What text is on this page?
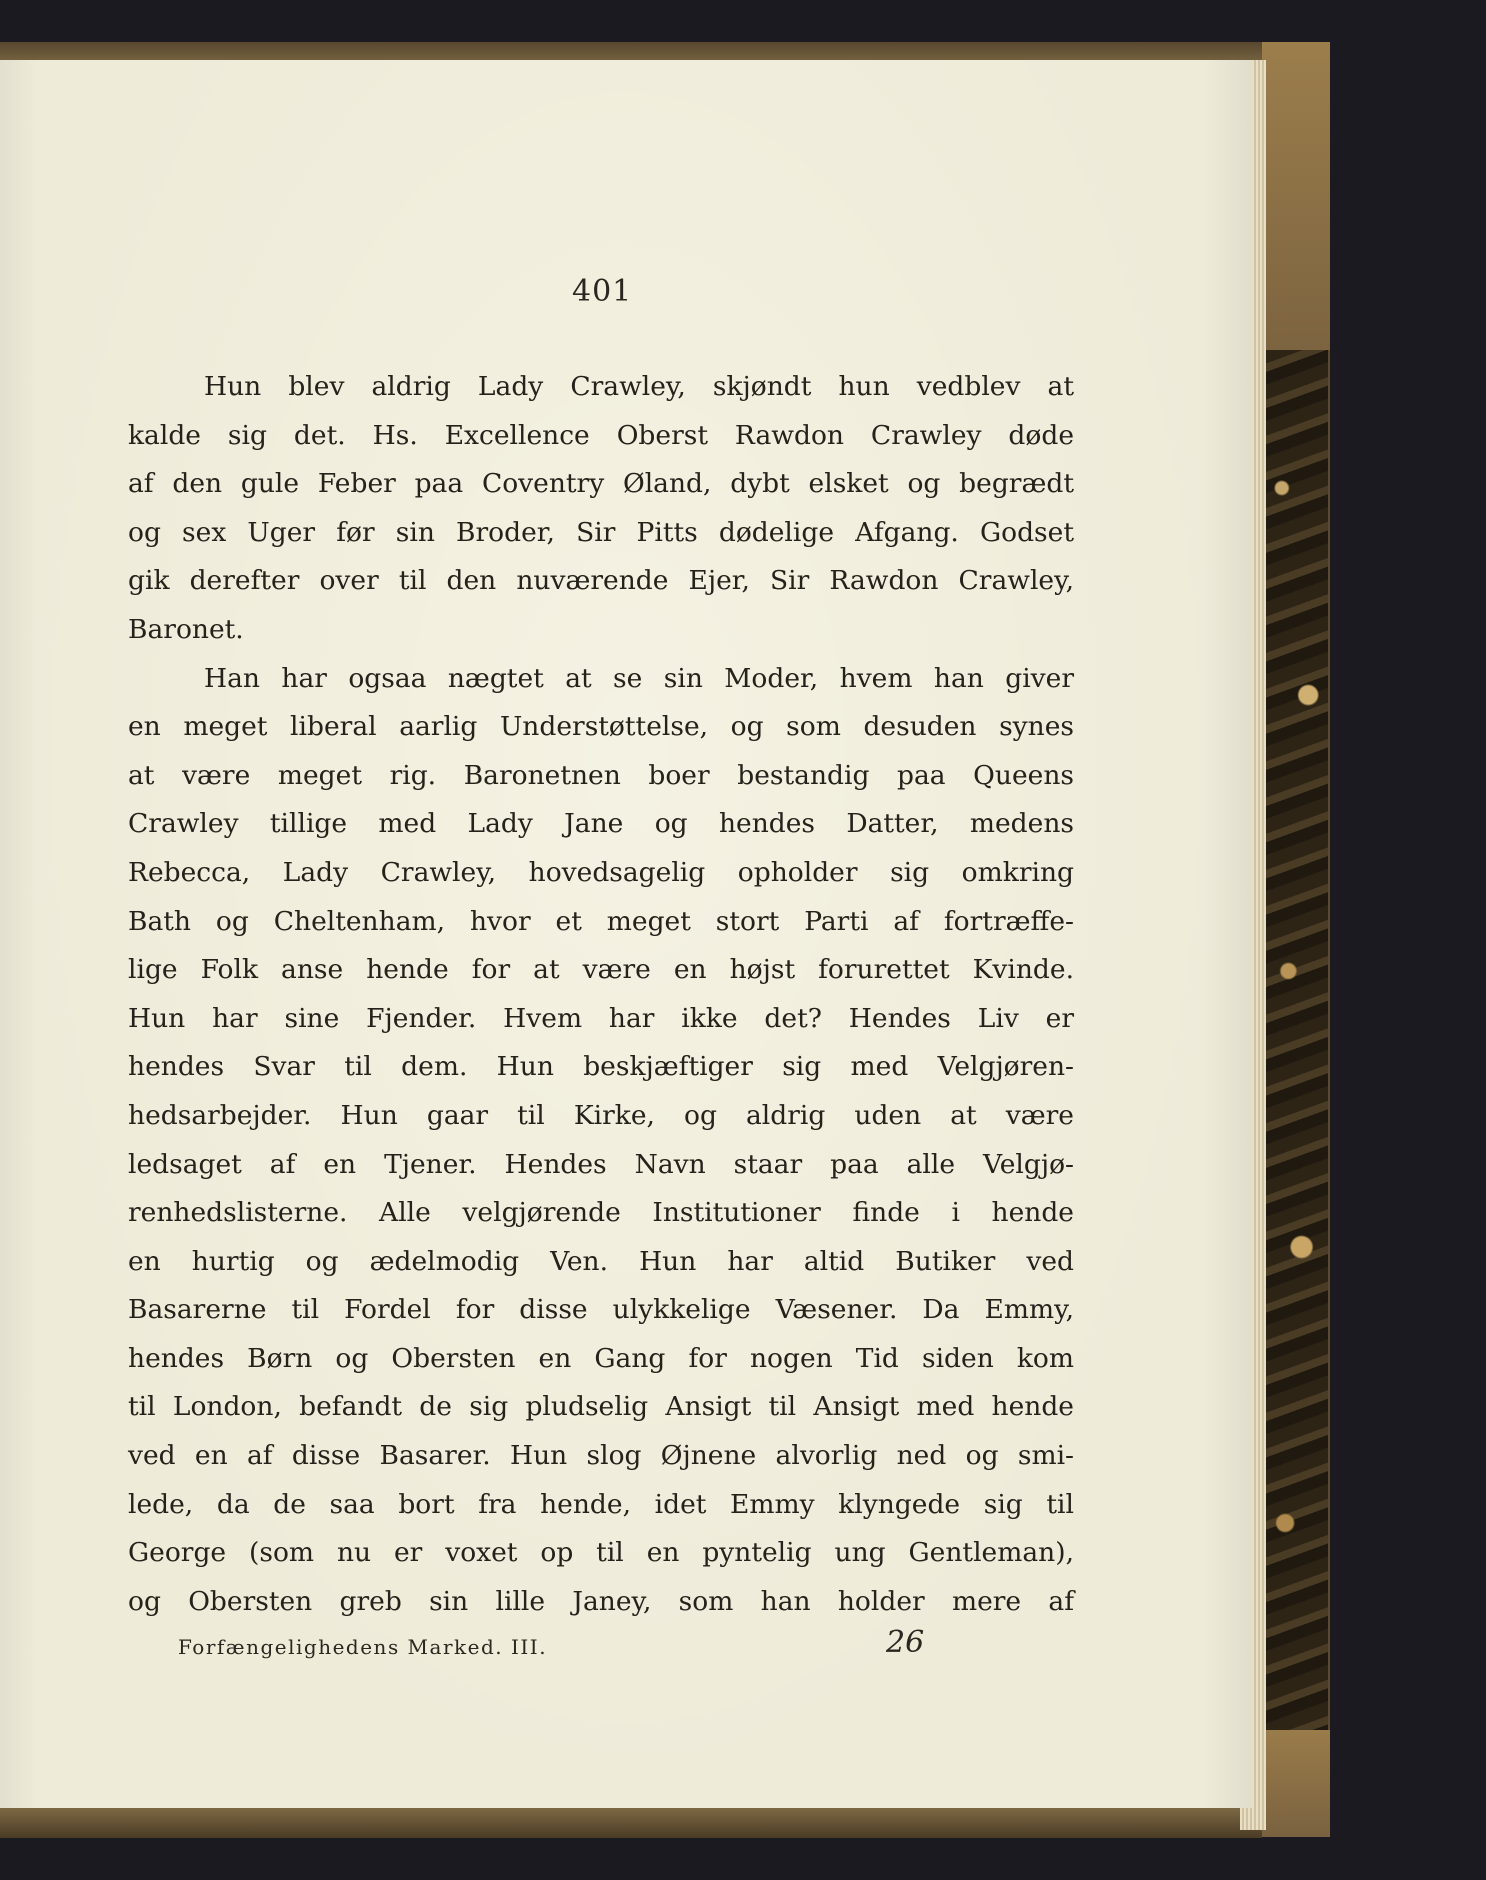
401
Hun blev aldrig Lady Crawley, skjøndt hun vedblev at
kalde sig det. Hs. Excellence Oberst Rawdon Crawley døde
af den gule Feber paa Coventry Øland, dybt elsket og begrædt
og sex Uger før sin Broder, Sir Pitts dødelige Afgang. Godset
gik derefter over til den nuværende Ejer, Sir Rawdon Crawley,
Baronet.
Han har ogsaa nægtet at se sin Moder, hvem han giver
en meget liberal aarlig Understøttelse, og som desuden synes
at være meget rig. Baronetnen boer bestandig paa Queens
Crawley tillige med Lady Jane og hendes Datter, medens
Rebecca, Lady Crawley, hovedsagelig opholder sig omkring
Bath og Cheltenham, hvor et meget stort Parti af fortræffe-
lige Folk anse hende for at være en højst forurettet Kvinde.
Hun har sine Fjender. Hvem har ikke det? Hendes Liv er
hendes Svar til dem. Hun beskjæftiger sig med Velgjøren-
hedsarbejder. Hun gaar til Kirke, og aldrig uden at være
ledsaget af en Tjener. Hendes Navn staar paa alle Velgjø-
renhedslisterne. Alle velgjørende Institutioner finde i hende
en hurtig og ædelmodig Ven. Hun har altid Butiker ved
Basarerne til Fordel for disse ulykkelige Væsener. Da Emmy,
hendes Børn og Obersten en Gang for nogen Tid siden kom
til London, befandt de sig pludselig Ansigt til Ansigt med hende
ved en af disse Basarer. Hun slog Øjnene alvorlig ned og smi-
lede, da de saa bort fra hende, idet Emmy klyngede sig til
George (som nu er voxet op til en pyntelig ung Gentleman),
og Obersten greb sin lille Janey, som han holder mere af
Forfængelighedens Marked. III.	26
